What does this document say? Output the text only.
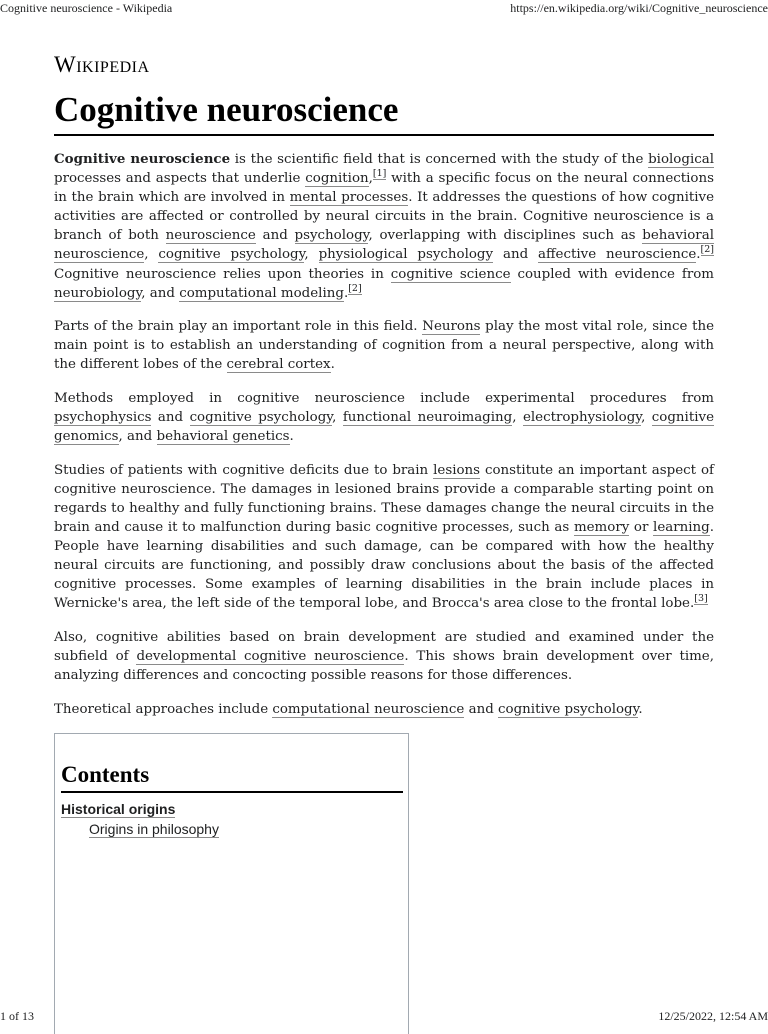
Cognitive neuroscience - Wikipedia	https://en.wikipedia.org/wiki/Cognitive_neuroscience
Wikipedia
Cognitive neuroscience

Cognitive neuroscience is the scientific field that is concerned with the study of the biological processes and aspects that underlie cognition,[1] with a specific focus on the neural connections in the brain which are involved in mental processes. It addresses the questions of how cognitive activities are affected or controlled by neural circuits in the brain. Cognitive neuroscience is a branch of both neuroscience and psychology, overlapping with disciplines such as behavioral neuroscience, cognitive psychology, physiological psychology and affective neuroscience.[2] Cognitive neuroscience relies upon theories in cognitive science coupled with evidence from neurobiology, and computational modeling.[2]

Parts of the brain play an important role in this field. Neurons play the most vital role, since the main point is to establish an understanding of cognition from a neural perspective, along with the different lobes of the cerebral cortex.

Methods employed in cognitive neuroscience include experimental procedures from psychophysics and cognitive psychology, functional neuroimaging, electrophysiology, cognitive genomics, and behavioral genetics.

Studies of patients with cognitive deficits due to brain lesions constitute an important aspect of cognitive neuroscience. The damages in lesioned brains provide a comparable starting point on regards to healthy and fully functioning brains. These damages change the neural circuits in the brain and cause it to malfunction during basic cognitive processes, such as memory or learning. People have learning disabilities and such damage, can be compared with how the healthy neural circuits are functioning, and possibly draw conclusions about the basis of the affected cognitive processes. Some examples of learning disabilities in the brain include places in Wernicke's area, the left side of the temporal lobe, and Brocca's area close to the frontal lobe.[3]

Also, cognitive abilities based on brain development are studied and examined under the subfield of developmental cognitive neuroscience. This shows brain development over time, analyzing differences and concocting possible reasons for those differences.

Theoretical approaches include computational neuroscience and cognitive psychology.

Contents
Historical origins
Origins in philosophy
1 of 13	12/25/2022, 12:54 AM
